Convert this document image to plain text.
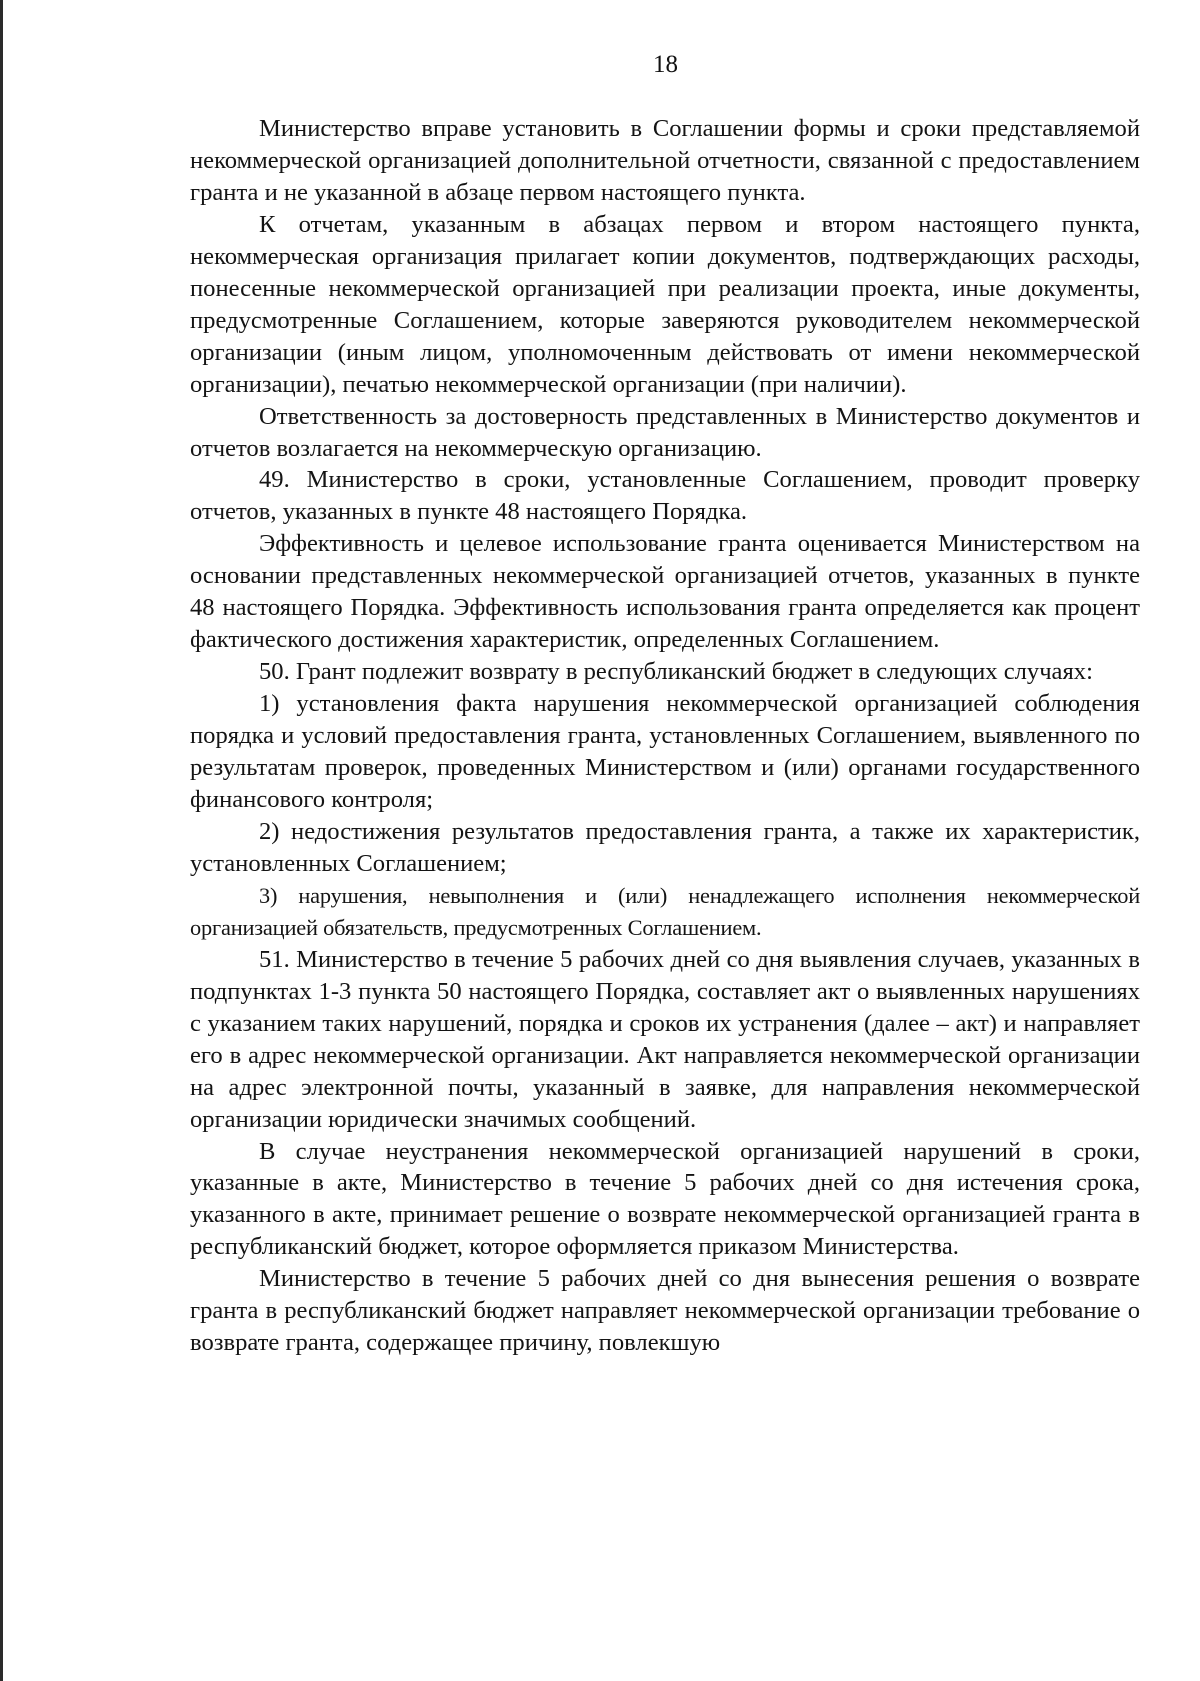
18

Министерство вправе установить в Соглашении формы и сроки представляемой некоммерческой организацией дополнительной отчетности, связанной с предоставлением гранта и не указанной в абзаце первом настоящего пункта.

К отчетам, указанным в абзацах первом и втором настоящего пункта, некоммерческая организация прилагает копии документов, подтверждающих расходы, понесенные некоммерческой организацией при реализации проекта, иные документы, предусмотренные Соглашением, которые заверяются руководителем некоммерческой организации (иным лицом, уполномоченным действовать от имени некоммерческой организации), печатью некоммерческой организации (при наличии).

Ответственность за достоверность представленных в Министерство документов и отчетов возлагается на некоммерческую организацию.

49. Министерство в сроки, установленные Соглашением, проводит проверку отчетов, указанных в пункте 48 настоящего Порядка.

Эффективность и целевое использование гранта оценивается Министерством на основании представленных некоммерческой организацией отчетов, указанных в пункте 48 настоящего Порядка. Эффективность использования гранта определяется как процент фактического достижения характеристик, определенных Соглашением.

50. Грант подлежит возврату в республиканский бюджет в следующих случаях:

1) установления факта нарушения некоммерческой организацией соблюдения порядка и условий предоставления гранта, установленных Соглашением, выявленного по результатам проверок, проведенных Министерством и (или) органами государственного финансового контроля;

2) недостижения результатов предоставления гранта, а также их характеристик, установленных Соглашением;

3) нарушения, невыполнения и (или) ненадлежащего исполнения некоммерческой организацией обязательств, предусмотренных Соглашением.

51. Министерство в течение 5 рабочих дней со дня выявления случаев, указанных в подпунктах 1-3 пункта 50 настоящего Порядка, составляет акт о выявленных нарушениях с указанием таких нарушений, порядка и сроков их устранения (далее – акт) и направляет его в адрес некоммерческой организации. Акт направляется некоммерческой организации на адрес электронной почты, указанный в заявке, для направления некоммерческой организации юридически значимых сообщений.

В случае неустранения некоммерческой организацией нарушений в сроки, указанные в акте, Министерство в течение 5 рабочих дней со дня истечения срока, указанного в акте, принимает решение о возврате некоммерческой организацией гранта в республиканский бюджет, которое оформляется приказом Министерства.

Министерство в течение 5 рабочих дней со дня вынесения решения о возврате гранта в республиканский бюджет направляет некоммерческой организации требование о возврате гранта, содержащее причину, повлекшую
